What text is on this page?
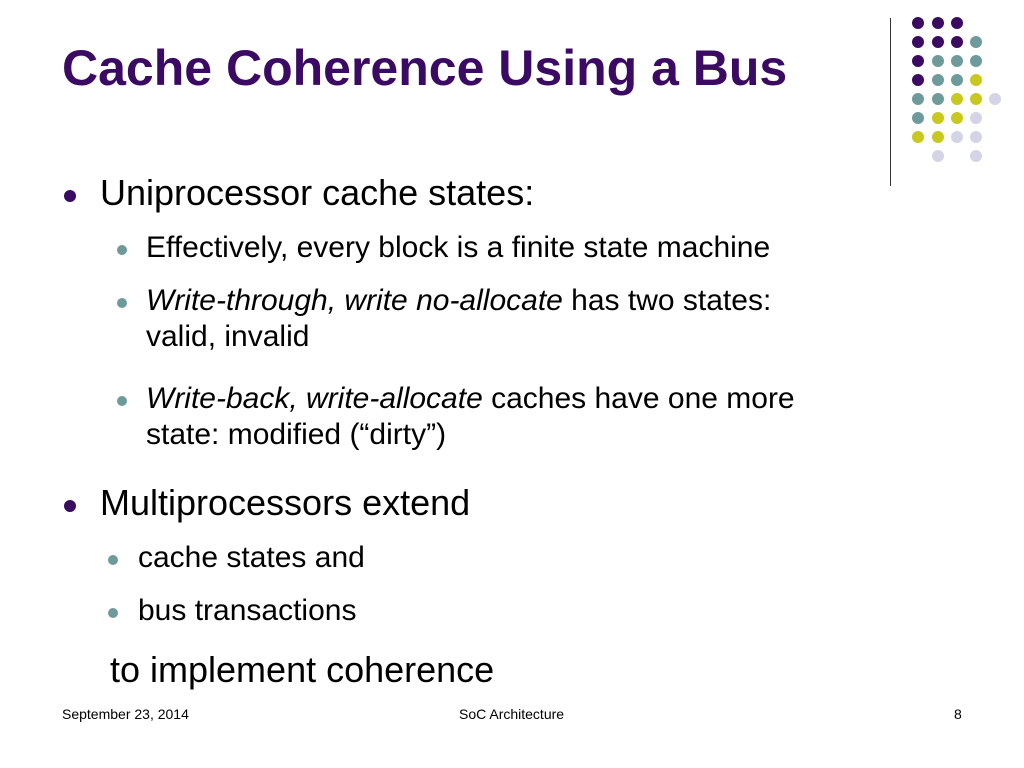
Cache Coherence Using a Bus
Uniprocessor cache states:
Effectively, every block is a finite state machine
Write-through, write no-allocate has two states:
valid, invalid
Write-back, write-allocate caches have one more
state: modified (“dirty”)
Multiprocessors extend
cache states and
bus transactions
to implement coherence
September 23, 2014	SoC Architecture	8
